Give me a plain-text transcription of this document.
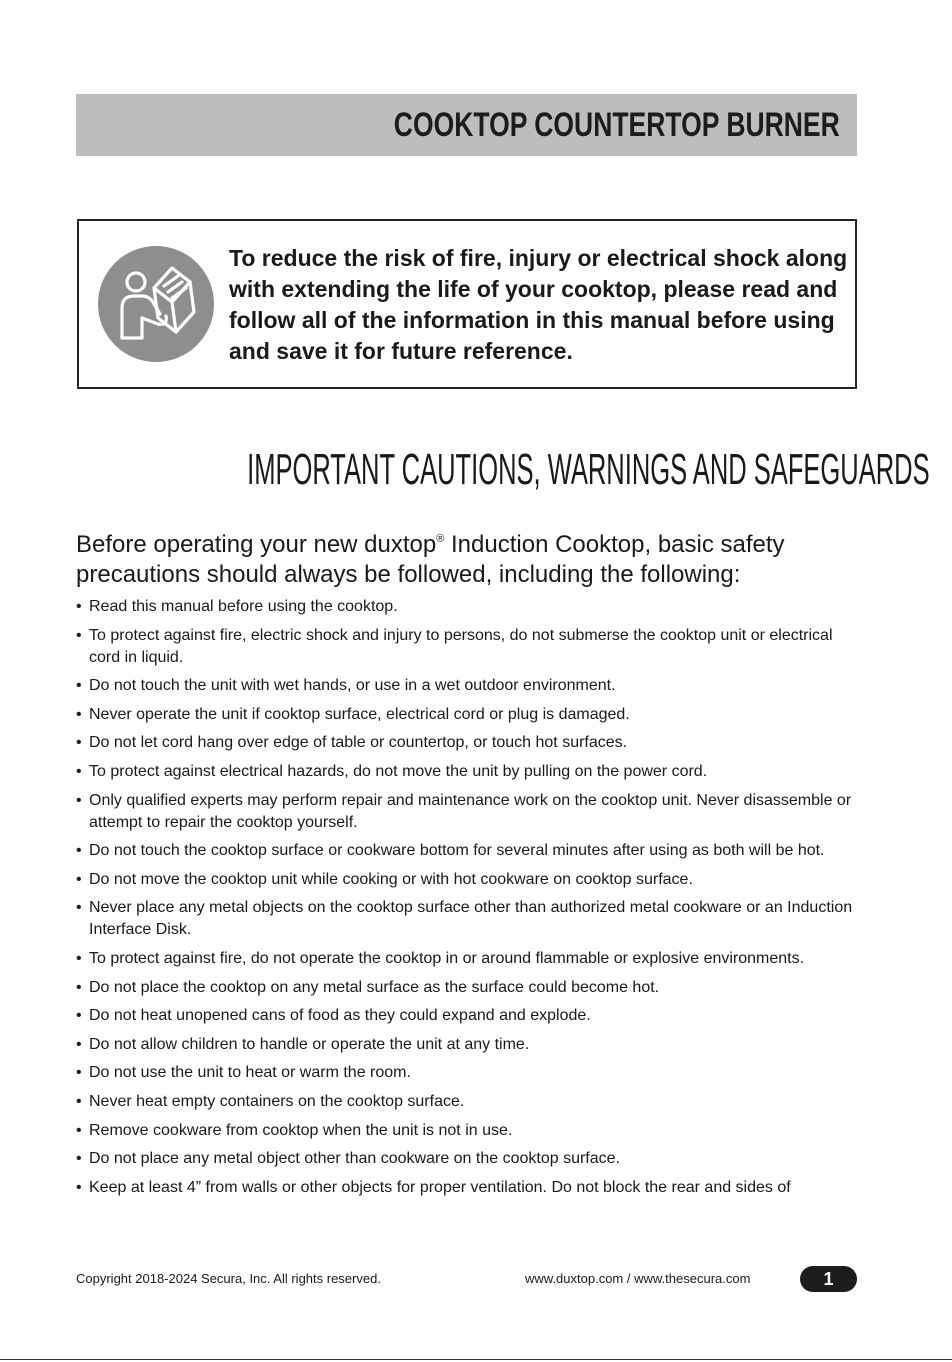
COOKTOP COUNTERTOP BURNER
To reduce the risk of fire, injury or electrical shock along with extending the life of your cooktop, please read and follow all of the information in this manual before using and save it for future reference.
IMPORTANT CAUTIONS, WARNINGS AND SAFEGUARDS
Before operating your new duxtop® Induction Cooktop, basic safety precautions should always be followed, including the following:
• Read this manual before using the cooktop.
• To protect against fire, electric shock and injury to persons, do not submerse the cooktop unit or electrical cord in liquid.
• Do not touch the unit with wet hands, or use in a wet outdoor environment.
• Never operate the unit if cooktop surface, electrical cord or plug is damaged.
• Do not let cord hang over edge of table or countertop, or touch hot surfaces.
• To protect against electrical hazards, do not move the unit by pulling on the power cord.
• Only qualified experts may perform repair and maintenance work on the cooktop unit. Never disassemble or attempt to repair the cooktop yourself.
• Do not touch the cooktop surface or cookware bottom for several minutes after using as both will be hot.
• Do not move the cooktop unit while cooking or with hot cookware on cooktop surface.
• Never place any metal objects on the cooktop surface other than authorized metal cookware or an Induction Interface Disk.
• To protect against fire, do not operate the cooktop in or around flammable or explosive environments.
• Do not place the cooktop on any metal surface as the surface could become hot.
• Do not heat unopened cans of food as they could expand and explode.
• Do not allow children to handle or operate the unit at any time.
• Do not use the unit to heat or warm the room.
• Never heat empty containers on the cooktop surface.
• Remove cookware from cooktop when the unit is not in use.
• Do not place any metal object other than cookware on the cooktop surface.
• Keep at least 4” from walls or other objects for proper ventilation. Do not block the rear and sides of
Copyright 2018-2024 Secura, Inc. All rights reserved.	www.duxtop.com / www.thesecura.com	1
